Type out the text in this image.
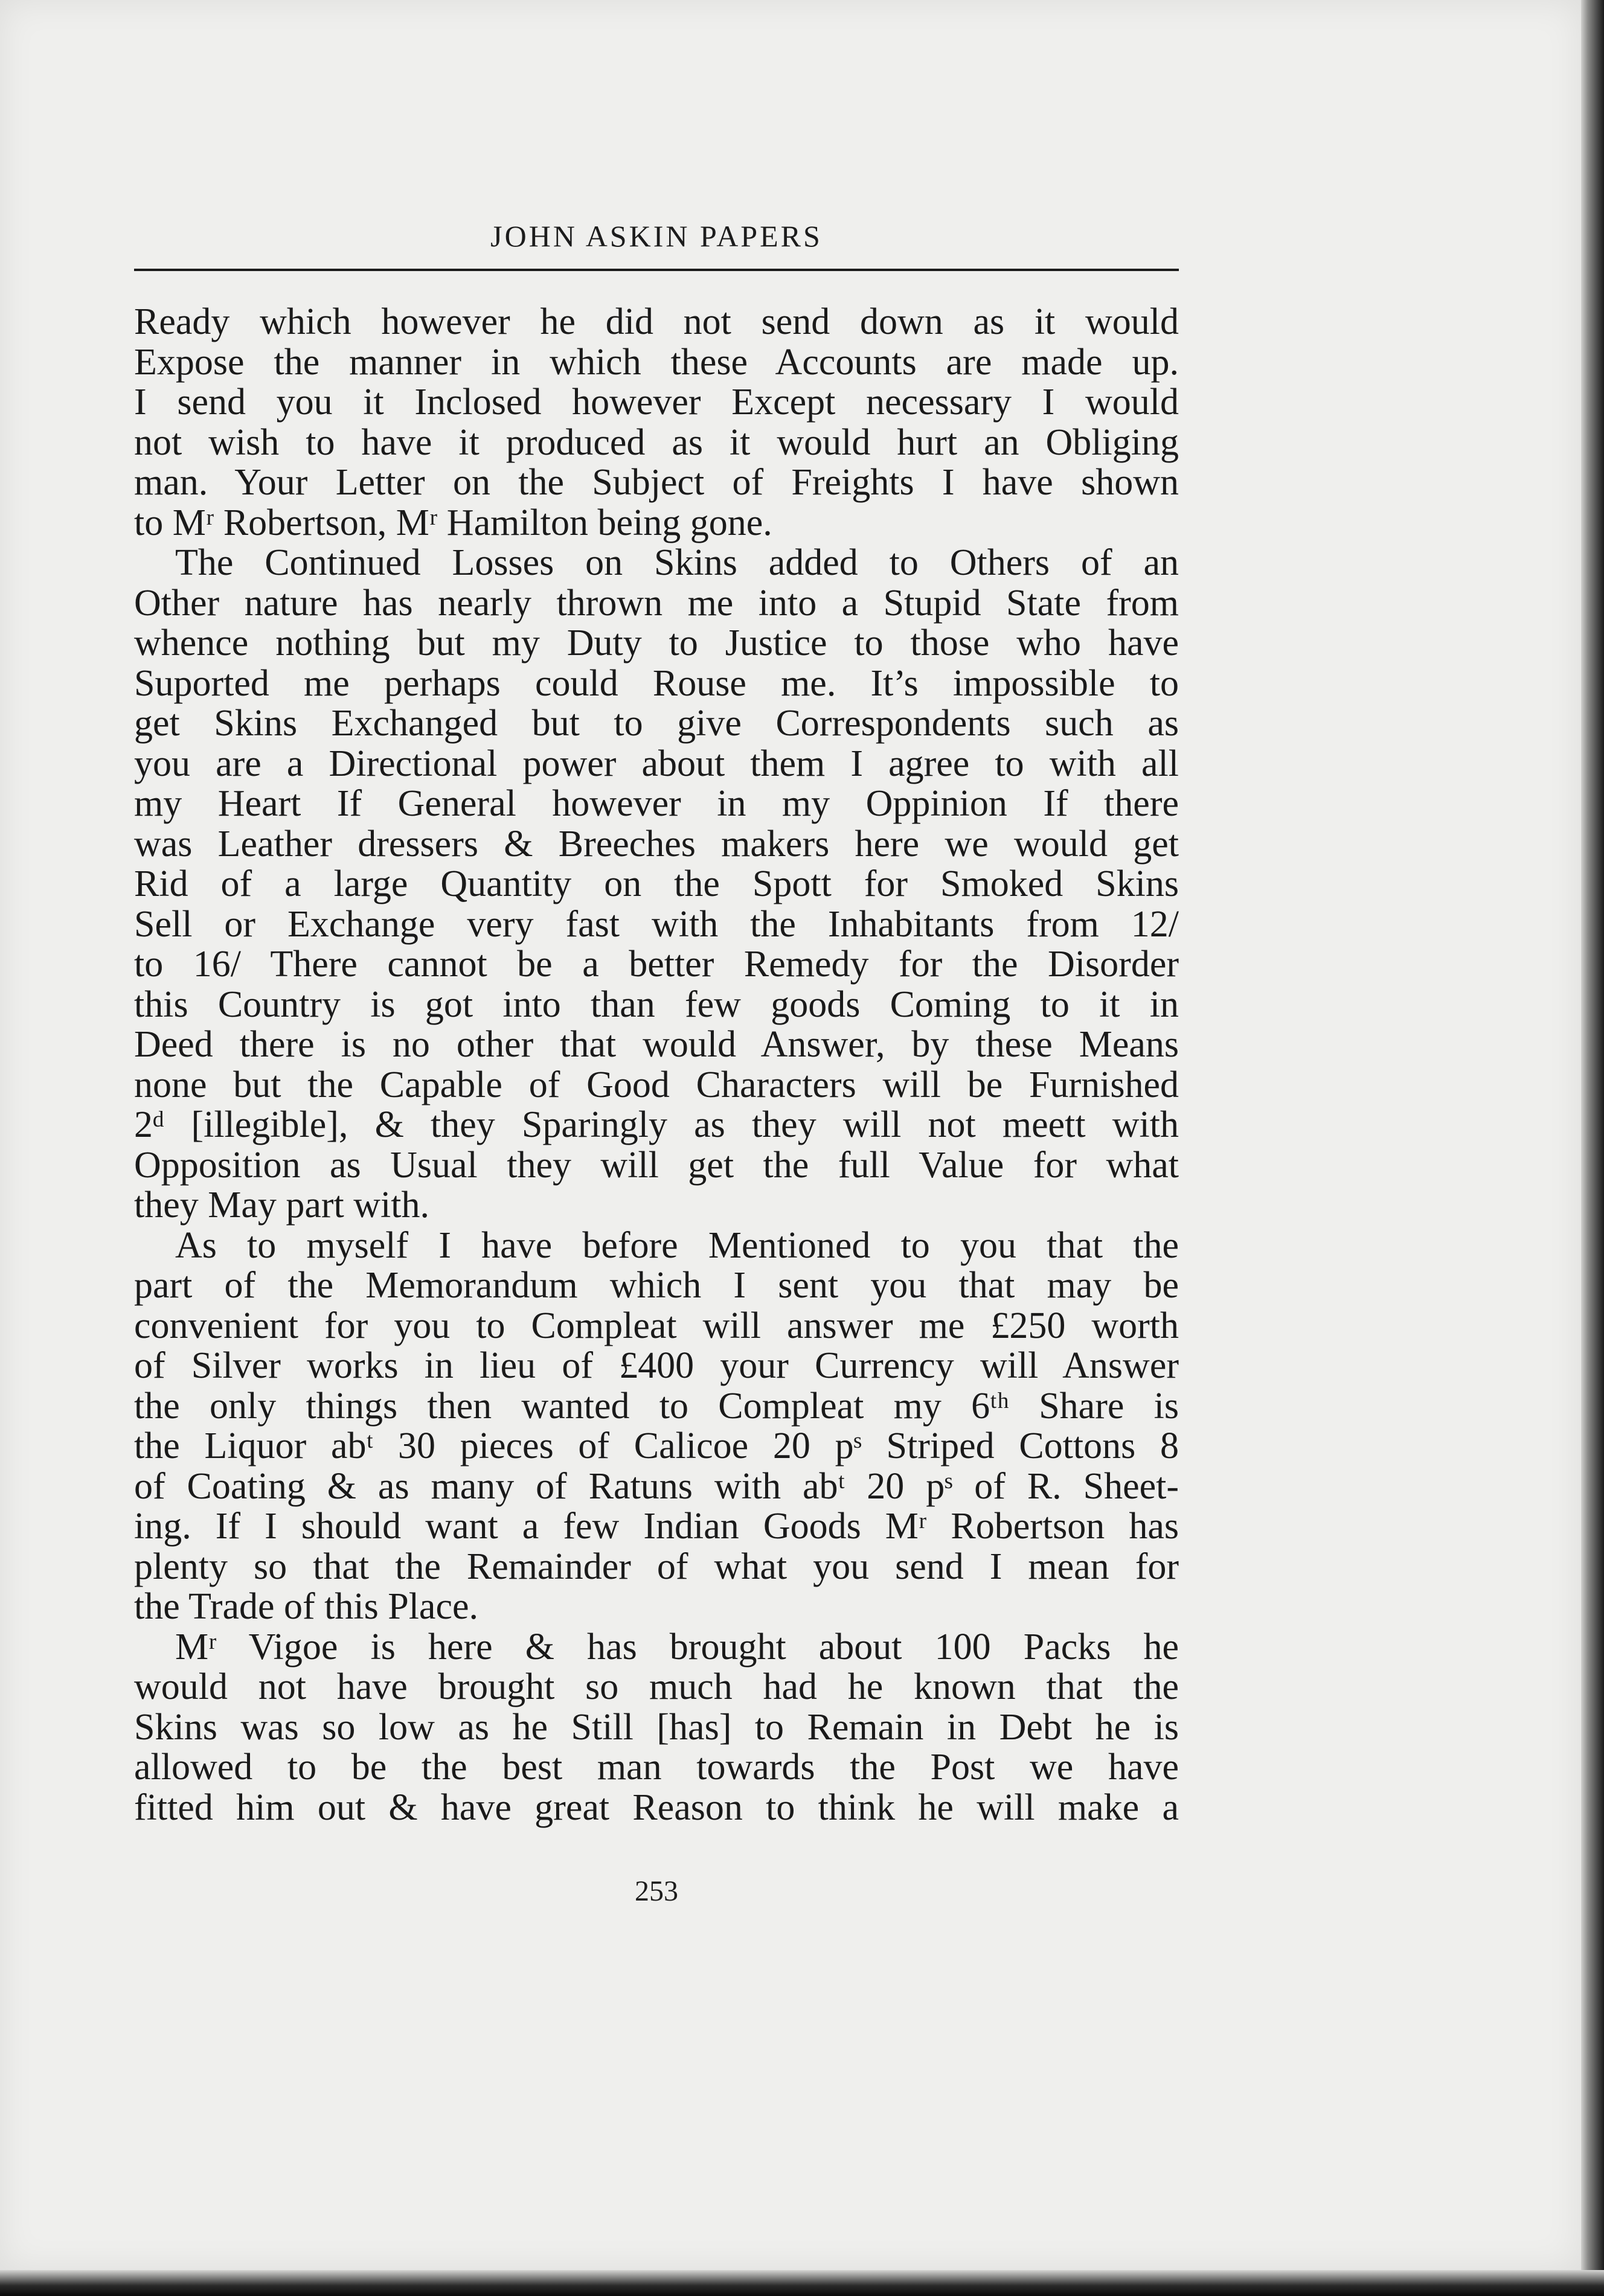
JOHN ASKIN PAPERS
Ready which however he did not send down as it would
Expose the manner in which these Accounts are made up.
I send you it Inclosed however Except necessary I would
not wish to have it produced as it would hurt an Obliging
man. Your Letter on the Subject of Freights I have shown
to Mʳ Robertson, Mʳ Hamilton being gone.
The Continued Losses on Skins added to Others of an
Other nature has nearly thrown me into a Stupid State from
whence nothing but my Duty to Justice to those who have
Suported me perhaps could Rouse me. It’s impossible to
get Skins Exchanged but to give Correspondents such as
you are a Directional power about them I agree to with all
my Heart If General however in my Oppinion If there
was Leather dressers & Breeches makers here we would get
Rid of a large Quantity on the Spott for Smoked Skins
Sell or Exchange very fast with the Inhabitants from 12/
to 16/ There cannot be a better Remedy for the Disorder
this Country is got into than few goods Coming to it in
Deed there is no other that would Answer, by these Means
none but the Capable of Good Characters will be Furnished
2ᵈ [illegible], & they Sparingly as they will not meett with
Opposition as Usual they will get the full Value for what
they May part with.
As to myself I have before Mentioned to you that the
part of the Memorandum which I sent you that may be
convenient for you to Compleat will answer me £250 worth
of Silver works in lieu of £400 your Currency will Answer
the only things then wanted to Compleat my 6ᵗʰ Share is
the Liquor abᵗ 30 pieces of Calicoe 20 pˢ Striped Cottons 8
of Coating & as many of Ratuns with abᵗ 20 pˢ of R. Sheet-
ing. If I should want a few Indian Goods Mʳ Robertson has
plenty so that the Remainder of what you send I mean for
the Trade of this Place.
Mʳ Vigoe is here & has brought about 100 Packs he
would not have brought so much had he known that the
Skins was so low as he Still [has] to Remain in Debt he is
allowed to be the best man towards the Post we have
fitted him out & have great Reason to think he will make a
253
